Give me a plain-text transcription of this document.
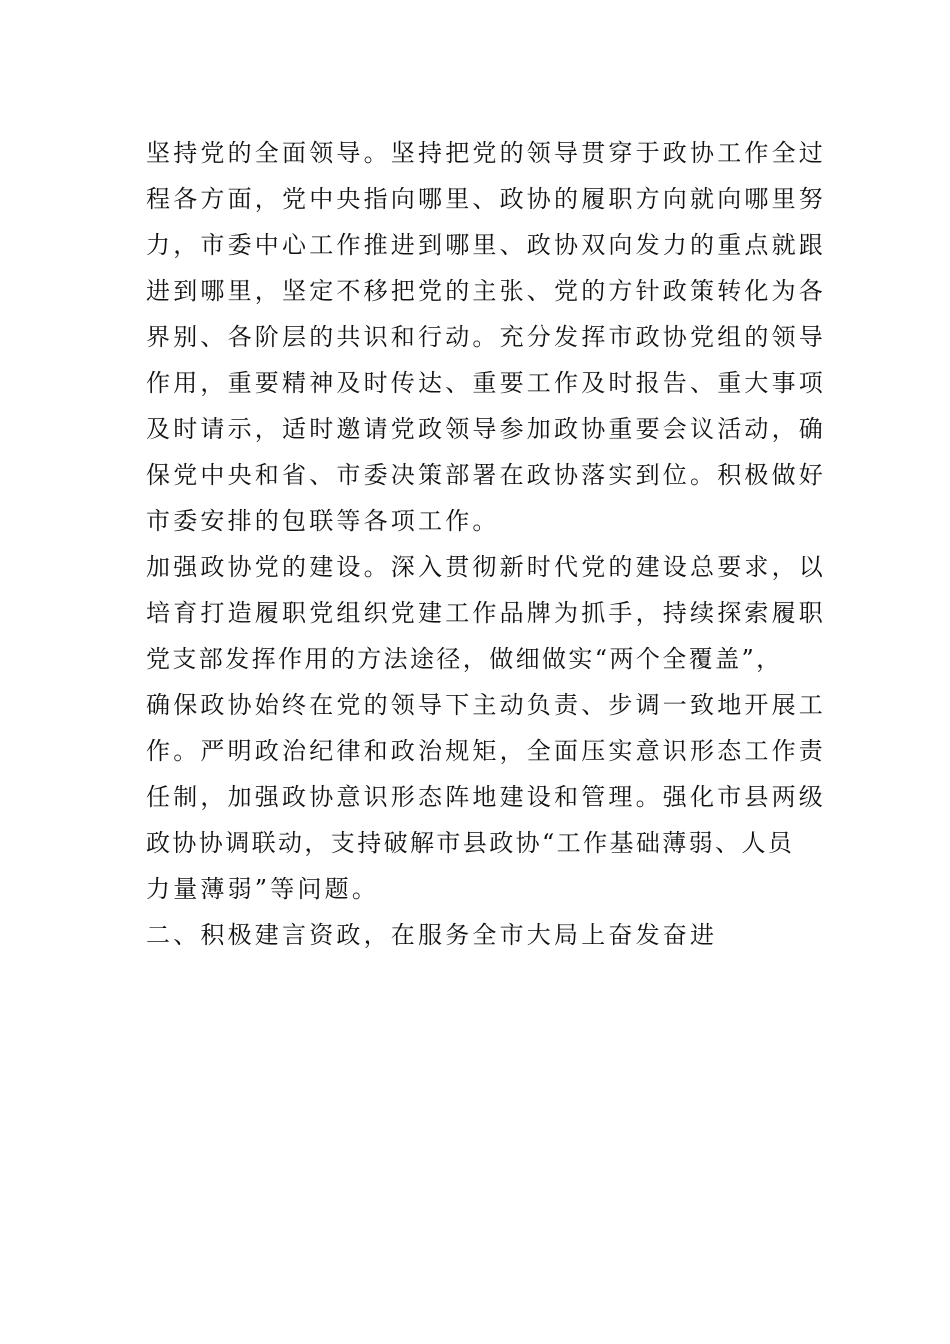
坚持党的全面领导。坚持把党的领导贯穿于政协工作全过
程各方面，党中央指向哪里、政协的履职方向就向哪里努
力，市委中心工作推进到哪里、政协双向发力的重点就跟
进到哪里，坚定不移把党的主张、党的方针政策转化为各
界别、各阶层的共识和行动。充分发挥市政协党组的领导
作用，重要精神及时传达、重要工作及时报告、重大事项
及时请示，适时邀请党政领导参加政协重要会议活动，确
保党中央和省、市委决策部署在政协落实到位。积极做好
市委安排的包联等各项工作。
加强政协党的建设。深入贯彻新时代党的建设总要求，以
培育打造履职党组织党建工作品牌为抓手，持续探索履职
党支部发挥作用的方法途径，做细做实“两个全覆盖”，
确保政协始终在党的领导下主动负责、步调一致地开展工
作。严明政治纪律和政治规矩，全面压实意识形态工作责
任制，加强政协意识形态阵地建设和管理。强化市县两级
政协协调联动，支持破解市县政协“工作基础薄弱、人员
力量薄弱”等问题。
二、积极建言资政，在服务全市大局上奋发奋进
